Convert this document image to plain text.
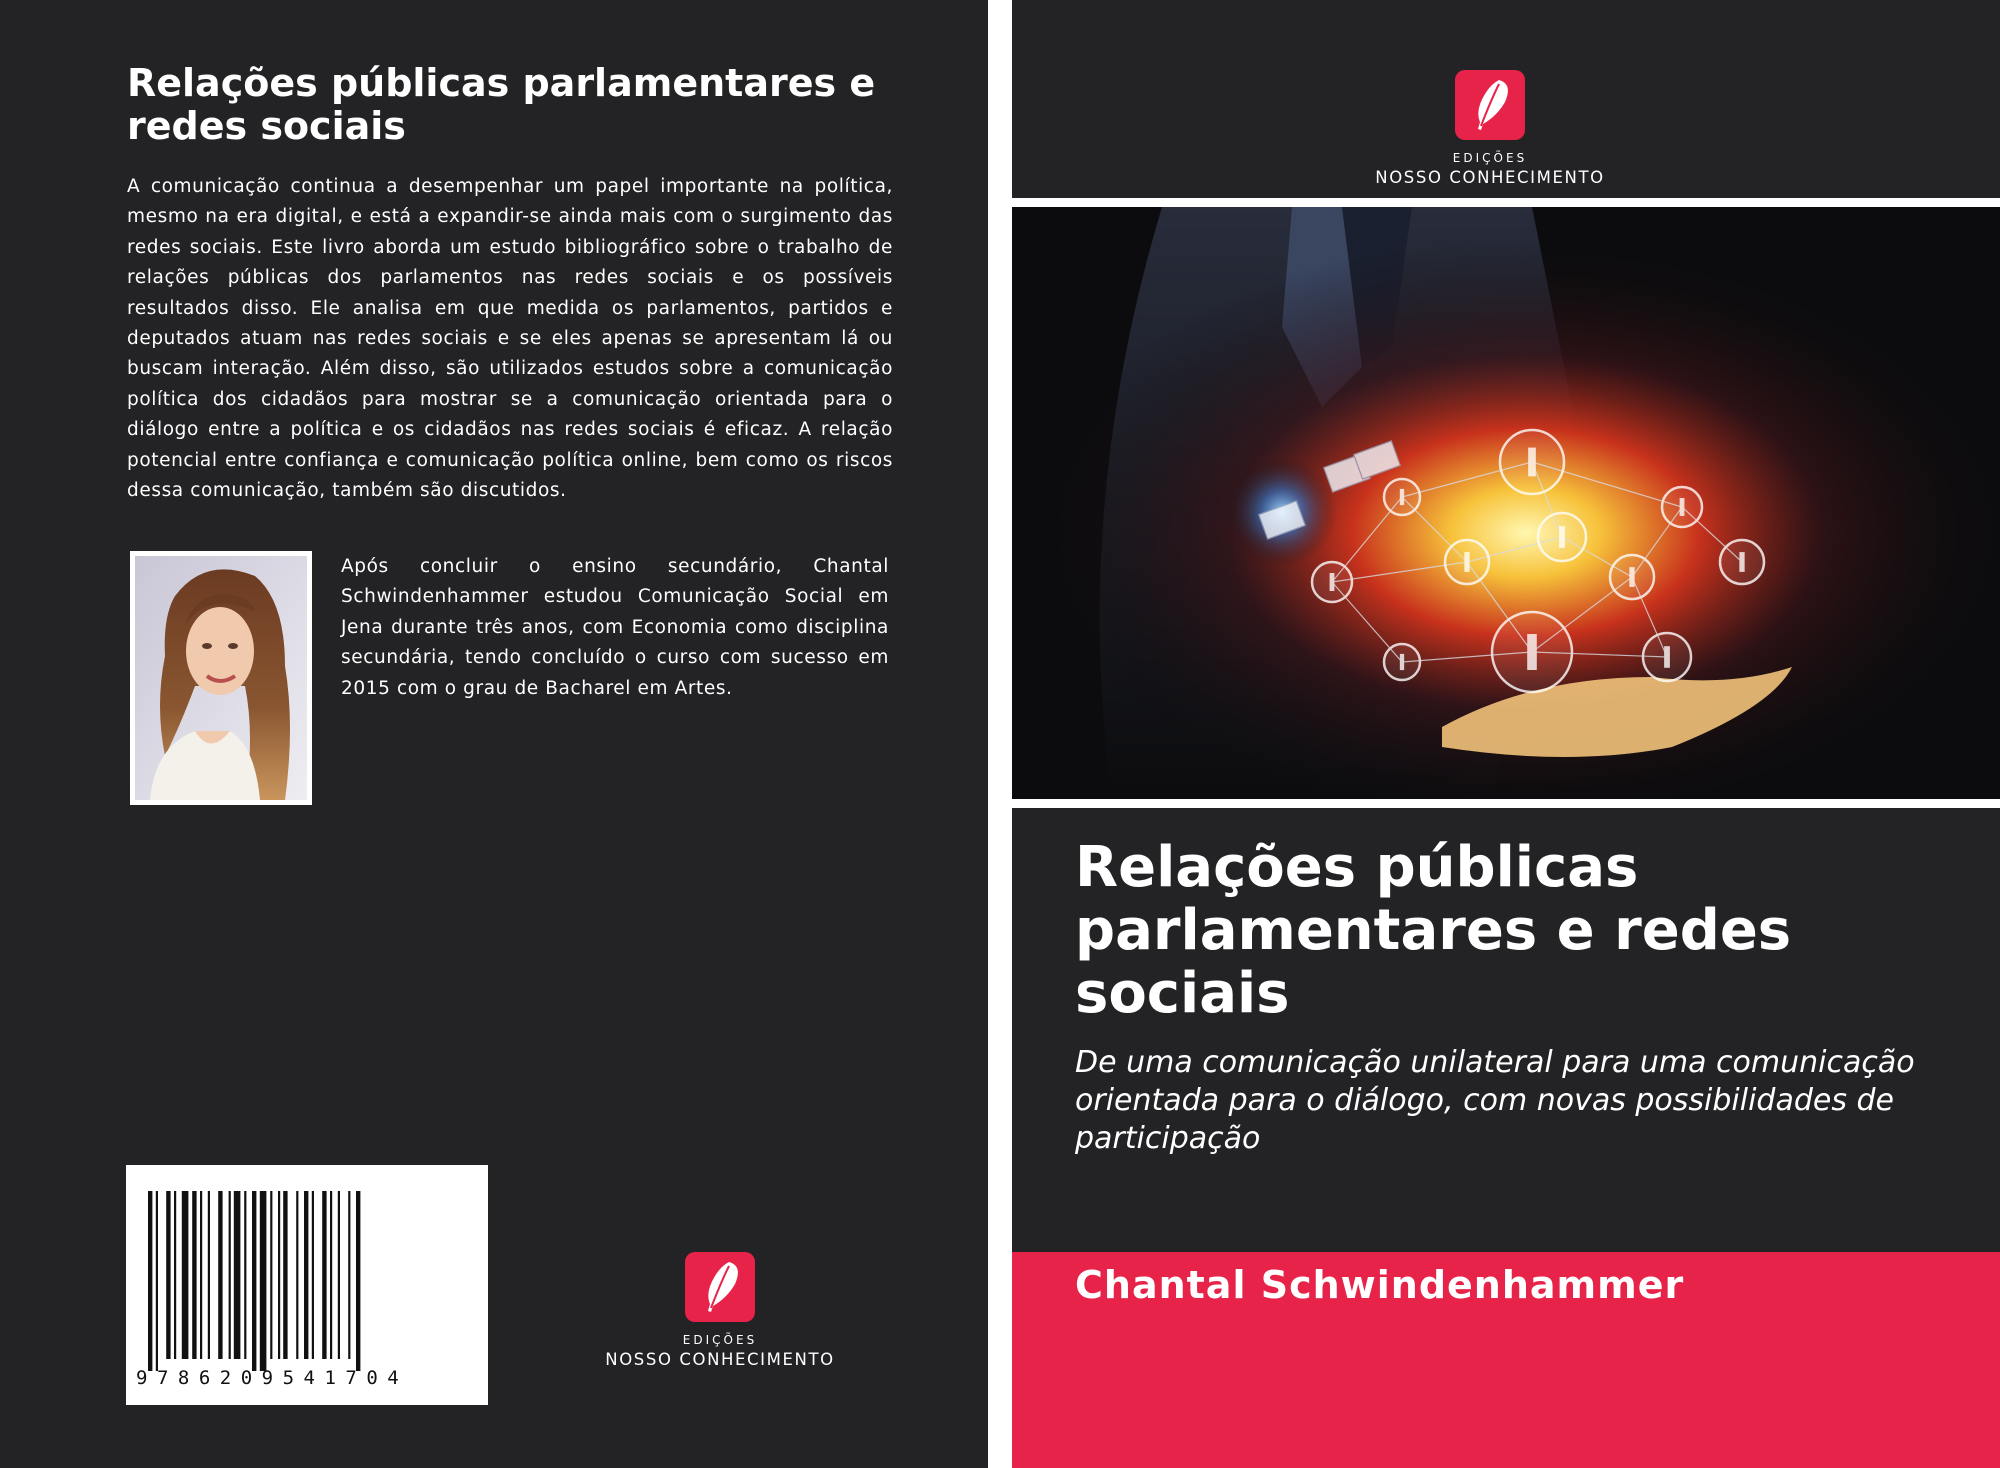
Relações públicas parlamentares e redes sociais

A comunicação continua a desempenhar um papel importante na política, mesmo na era digital, e está a expandir-se ainda mais com o surgimento das redes sociais. Este livro aborda um estudo bibliográfico sobre o trabalho de relações públicas dos parlamentos nas redes sociais e os possíveis resultados disso. Ele analisa em que medida os parlamentos, partidos e deputados atuam nas redes sociais e se eles apenas se apresentam lá ou buscam interação. Além disso, são utilizados estudos sobre a comunicação política dos cidadãos para mostrar se a comunicação orientada para o diálogo entre a política e os cidadãos nas redes sociais é eficaz. A relação potencial entre confiança e comunicação política online, bem como os riscos dessa comunicação, também são discutidos.

Após concluir o ensino secundário, Chantal Schwindenhammer estudou Comunicação Social em Jena durante três anos, com Economia como disciplina secundária, tendo concluído o curso com sucesso em 2015 com o grau de Bacharel em Artes.

9786209541704
EDIÇÕES
NOSSO CONHECIMENTO
EDIÇÕES
NOSSO CONHECIMENTO
Relações públicas parlamentares e redes sociais

De uma comunicação unilateral para uma comunicação orientada para o diálogo, com novas possibilidades de participação

Chantal Schwindenhammer
